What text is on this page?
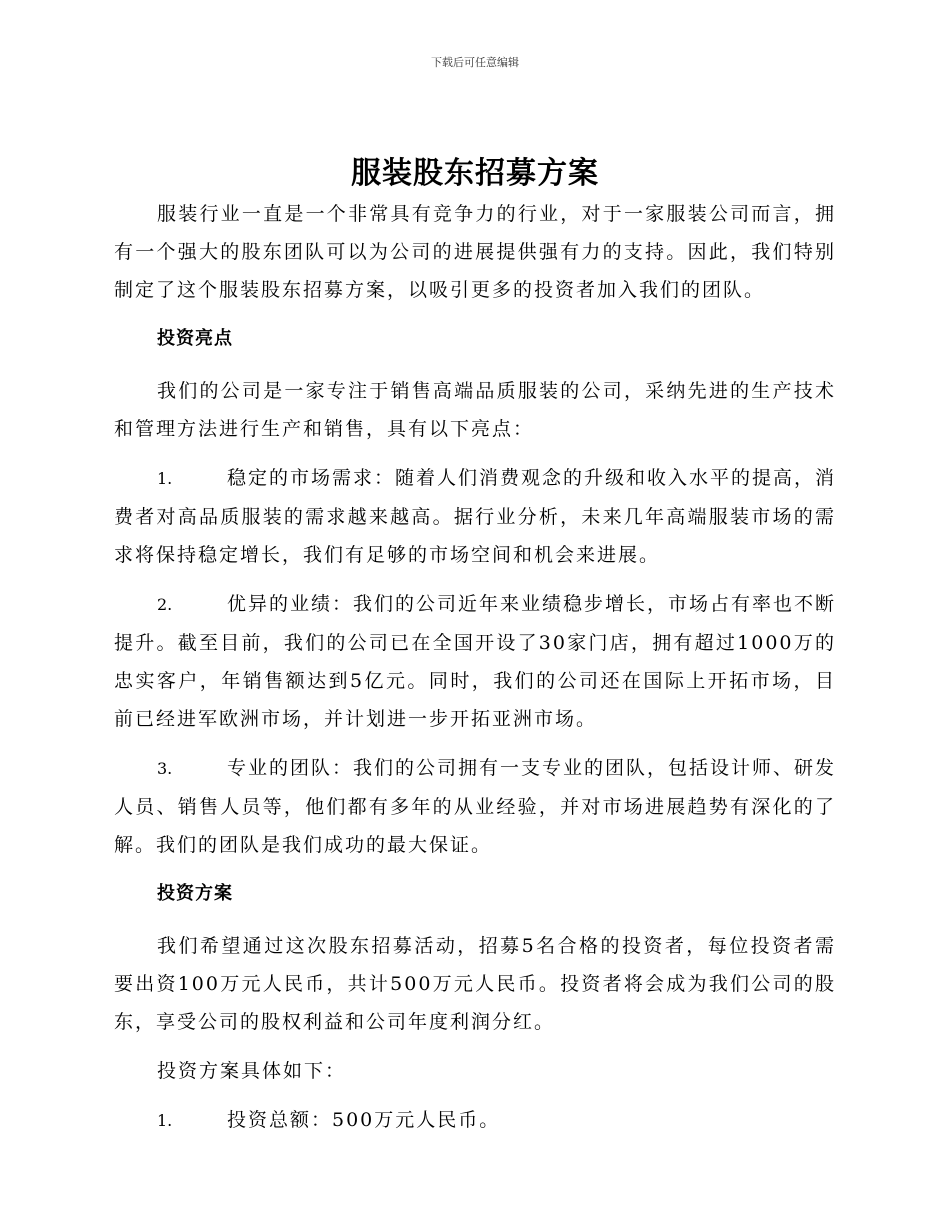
下载后可任意编辑
服装股东招募方案

服装行业一直是一个非常具有竞争力的行业，对于一家服装公司而言，拥有一个强大的股东团队可以为公司的进展提供强有力的支持。因此，我们特别制定了这个服装股东招募方案，以吸引更多的投资者加入我们的团队。

投资亮点

我们的公司是一家专注于销售高端品质服装的公司，采纳先进的生产技术和管理方法进行生产和销售，具有以下亮点：

1.	稳定的市场需求：随着人们消费观念的升级和收入水平的提高，消费者对高品质服装的需求越来越高。据行业分析，未来几年高端服装市场的需求将保持稳定增长，我们有足够的市场空间和机会来进展。

2.	优异的业绩：我们的公司近年来业绩稳步增长，市场占有率也不断提升。截至目前，我们的公司已在全国开设了30家门店，拥有超过1000万的忠实客户，年销售额达到5亿元。同时，我们的公司还在国际上开拓市场，目前已经进军欧洲市场，并计划进一步开拓亚洲市场。

3.	专业的团队：我们的公司拥有一支专业的团队，包括设计师、研发人员、销售人员等，他们都有多年的从业经验，并对市场进展趋势有深化的了解。我们的团队是我们成功的最大保证。

投资方案

我们希望通过这次股东招募活动，招募5名合格的投资者，每位投资者需要出资100万元人民币，共计500万元人民币。投资者将会成为我们公司的股东，享受公司的股权利益和公司年度利润分红。

投资方案具体如下：

1.	投资总额：500万元人民币。
